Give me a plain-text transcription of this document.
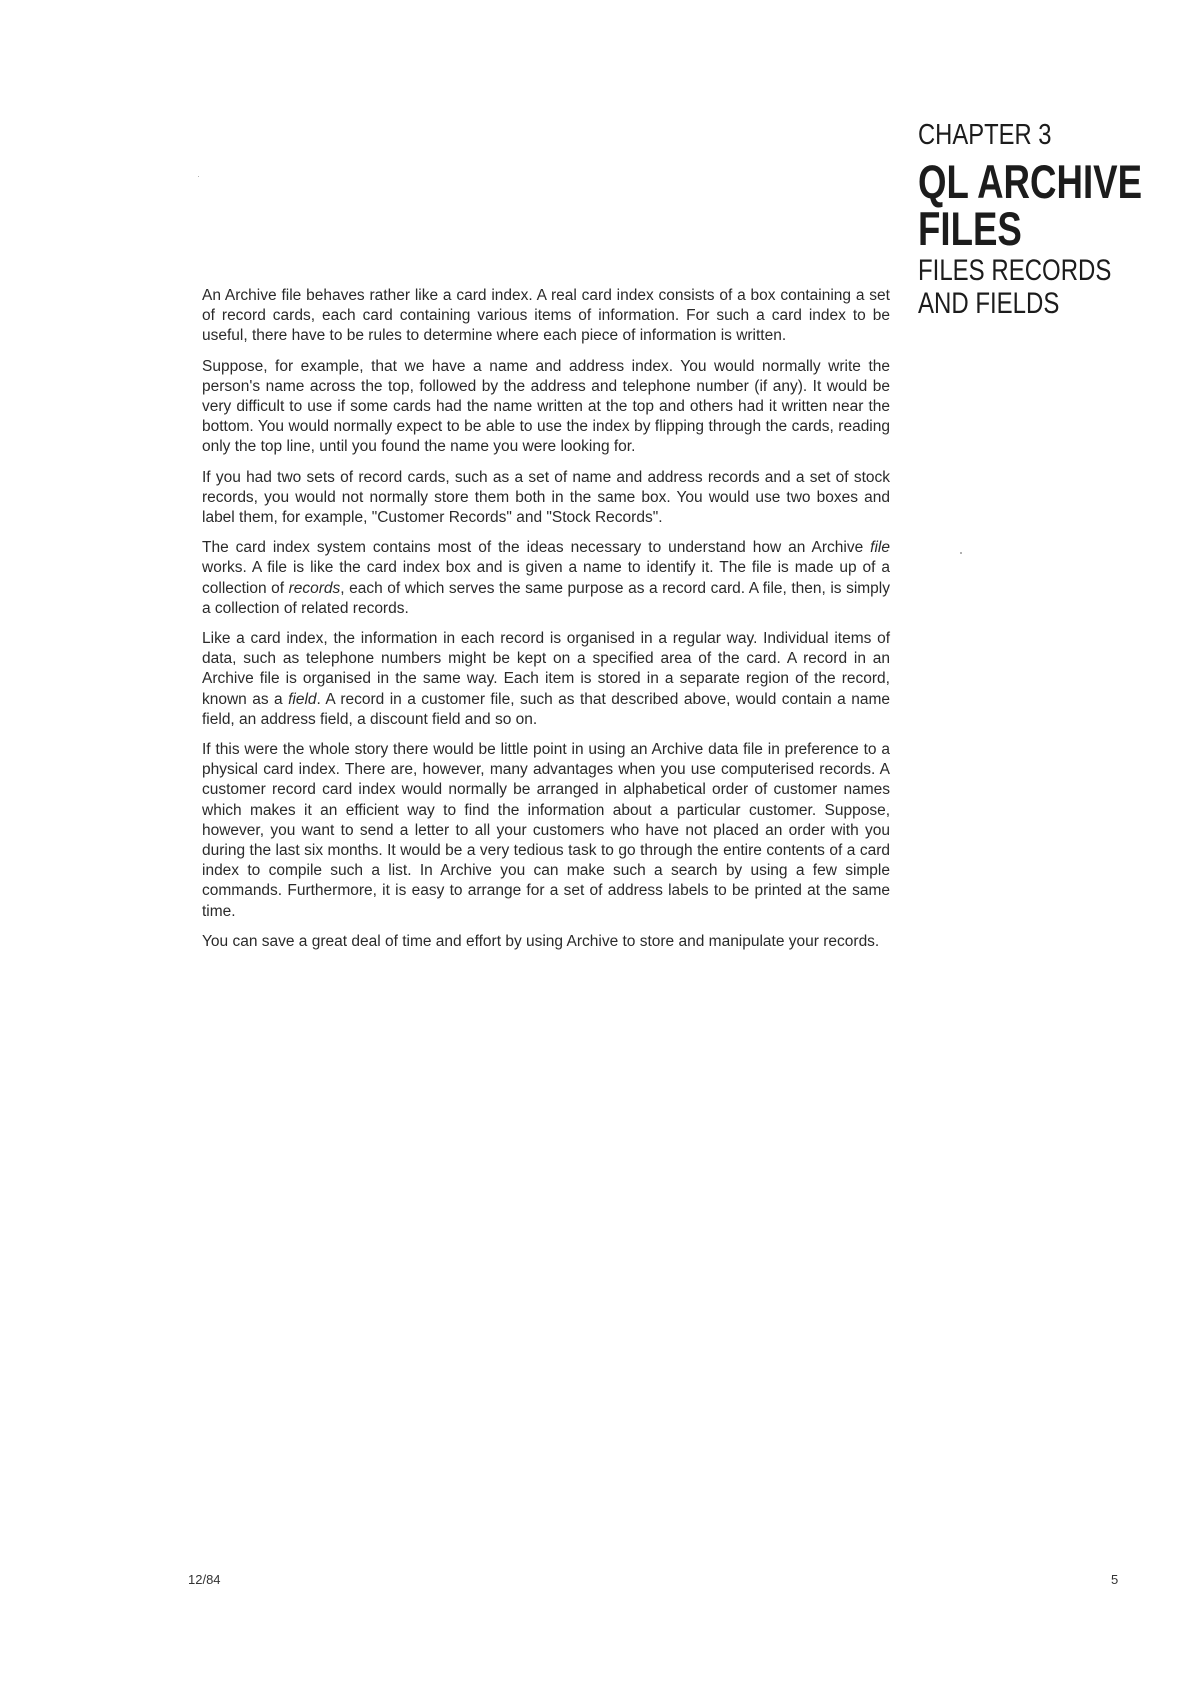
CHAPTER 3
QL ARCHIVE
FILES
FILES RECORDS
AND FIELDS

An Archive file behaves rather like a card index. A real card index consists of a box containing a set of record cards, each card containing various items of information. For such a card index to be useful, there have to be rules to determine where each piece of information is written.

Suppose, for example, that we have a name and address index. You would normally write the person's name across the top, followed by the address and telephone number (if any). It would be very difficult to use if some cards had the name written at the top and others had it written near the bottom. You would normally expect to be able to use the index by flipping through the cards, reading only the top line, until you found the name you were looking for.

If you had two sets of record cards, such as a set of name and address records and a set of stock records, you would not normally store them both in the same box. You would use two boxes and label them, for example, "Customer Records" and "Stock Records".

The card index system contains most of the ideas necessary to understand how an Archive file works. A file is like the card index box and is given a name to identify it. The file is made up of a collection of records, each of which serves the same purpose as a record card. A file, then, is simply a collection of related records.

Like a card index, the information in each record is organised in a regular way. Individual items of data, such as telephone numbers might be kept on a specified area of the card. A record in an Archive file is organised in the same way. Each item is stored in a separate region of the record, known as a field. A record in a customer file, such as that described above, would contain a name field, an address field, a discount field and so on.

If this were the whole story there would be little point in using an Archive data file in preference to a physical card index. There are, however, many advantages when you use computerised records. A customer record card index would normally be arranged in alphabetical order of customer names which makes it an efficient way to find the information about a particular customer. Suppose, however, you want to send a letter to all your customers who have not placed an order with you during the last six months. It would be a very tedious task to go through the entire contents of a card index to compile such a list. In Archive you can make such a search by using a few simple commands. Furthermore, it is easy to arrange for a set of address labels to be printed at the same time.

You can save a great deal of time and effort by using Archive to store and manipulate your records.

12/84	5
